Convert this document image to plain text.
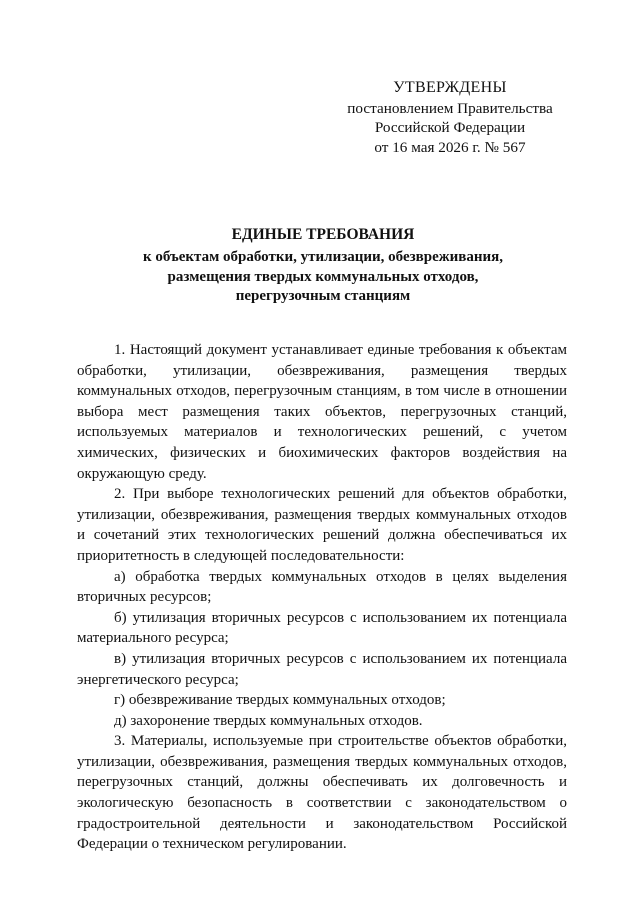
УТВЕРЖДЕНЫ
постановлением Правительства
Российской Федерации
от 16 мая 2026 г. № 567
ЕДИНЫЕ ТРЕБОВАНИЯ
к объектам обработки, утилизации, обезвреживания,
размещения твердых коммунальных отходов,
перегрузочным станциям

1. Настоящий документ устанавливает единые требования к объектам обработки, утилизации, обезвреживания, размещения твердых коммунальных отходов, перегрузочным станциям, в том числе в отношении выбора мест размещения таких объектов, перегрузочных станций, используемых материалов и технологических решений, с учетом химических, физических и биохимических факторов воздействия на окружающую среду.

2. При выборе технологических решений для объектов обработки, утилизации, обезвреживания, размещения твердых коммунальных отходов и сочетаний этих технологических решений должна обеспечиваться их приоритетность в следующей последовательности:

а) обработка твердых коммунальных отходов в целях выделения вторичных ресурсов;

б) утилизация вторичных ресурсов с использованием их потенциала материального ресурса;

в) утилизация вторичных ресурсов с использованием их потенциала энергетического ресурса;

г) обезвреживание твердых коммунальных отходов;

д) захоронение твердых коммунальных отходов.

3. Материалы, используемые при строительстве объектов обработки, утилизации, обезвреживания, размещения твердых коммунальных отходов, перегрузочных станций, должны обеспечивать их долговечность и экологическую безопасность в соответствии с законодательством о градостроительной деятельности и законодательством Российской Федерации о техническом регулировании.
